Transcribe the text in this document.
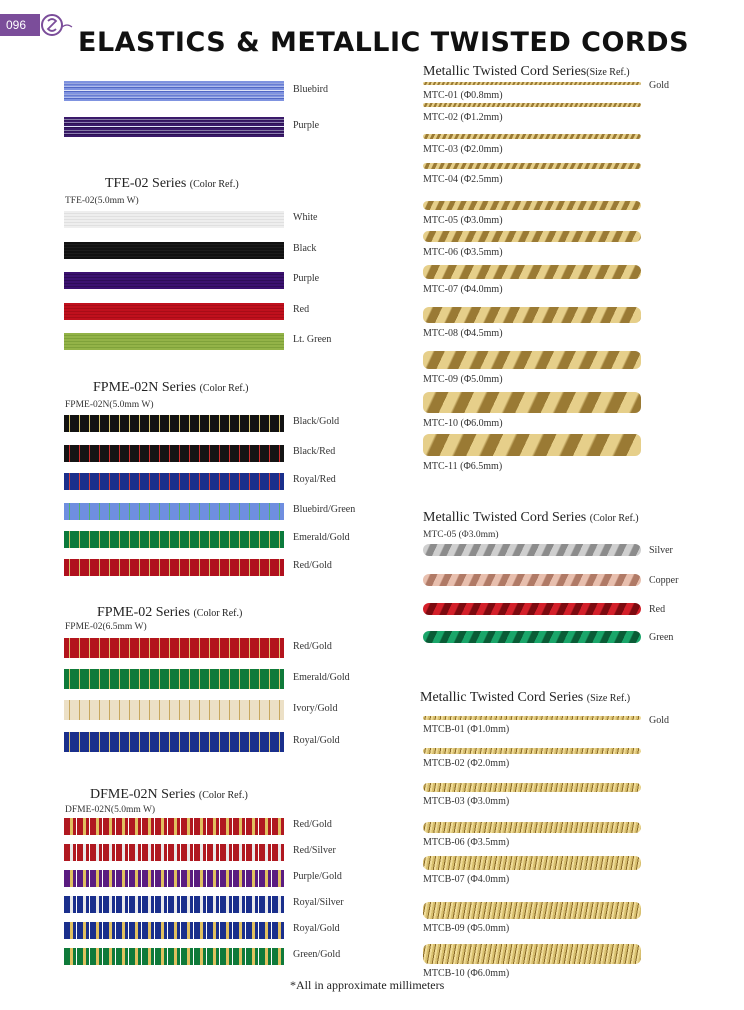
096
ELASTICS & METALLIC TWISTED CORDS
Bluebird
Purple
TFE-02 Series (Color Ref.)
TFE-02(5.0mm W)
White
Black
Purple
Red
Lt. Green
FPME-02N Series (Color Ref.)
FPME-02N(5.0mm W)
Black/Gold
Black/Red
Royal/Red
Bluebird/Green
Emerald/Gold
Red/Gold
FPME-02 Series (Color Ref.)
FPME-02(6.5mm W)
Red/Gold
Emerald/Gold
Ivory/Gold
Royal/Gold
DFME-02N Series (Color Ref.)
DFME-02N(5.0mm W)
Red/Gold
Red/Silver
Purple/Gold
Royal/Silver
Royal/Gold
Green/Gold
Metallic Twisted Cord Series(Size Ref.)
Gold
MTC-01 (Φ0.8mm)
MTC-02 (Φ1.2mm)
MTC-03 (Φ2.0mm)
MTC-04 (Φ2.5mm)
MTC-05 (Φ3.0mm)
MTC-06 (Φ3.5mm)
MTC-07 (Φ4.0mm)
MTC-08 (Φ4.5mm)
MTC-09 (Φ5.0mm)
MTC-10 (Φ6.0mm)
MTC-11 (Φ6.5mm)
Metallic Twisted Cord Series (Color Ref.)
MTC-05 (Φ3.0mm)
Silver
Copper
Red
Green
Metallic Twisted Cord Series (Size Ref.)
Gold
MTCB-01 (Φ1.0mm)
MTCB-02 (Φ2.0mm)
MTCB-03 (Φ3.0mm)
MTCB-06 (Φ3.5mm)
MTCB-07 (Φ4.0mm)
MTCB-09 (Φ5.0mm)
MTCB-10 (Φ6.0mm)
*All in approximate millimeters
